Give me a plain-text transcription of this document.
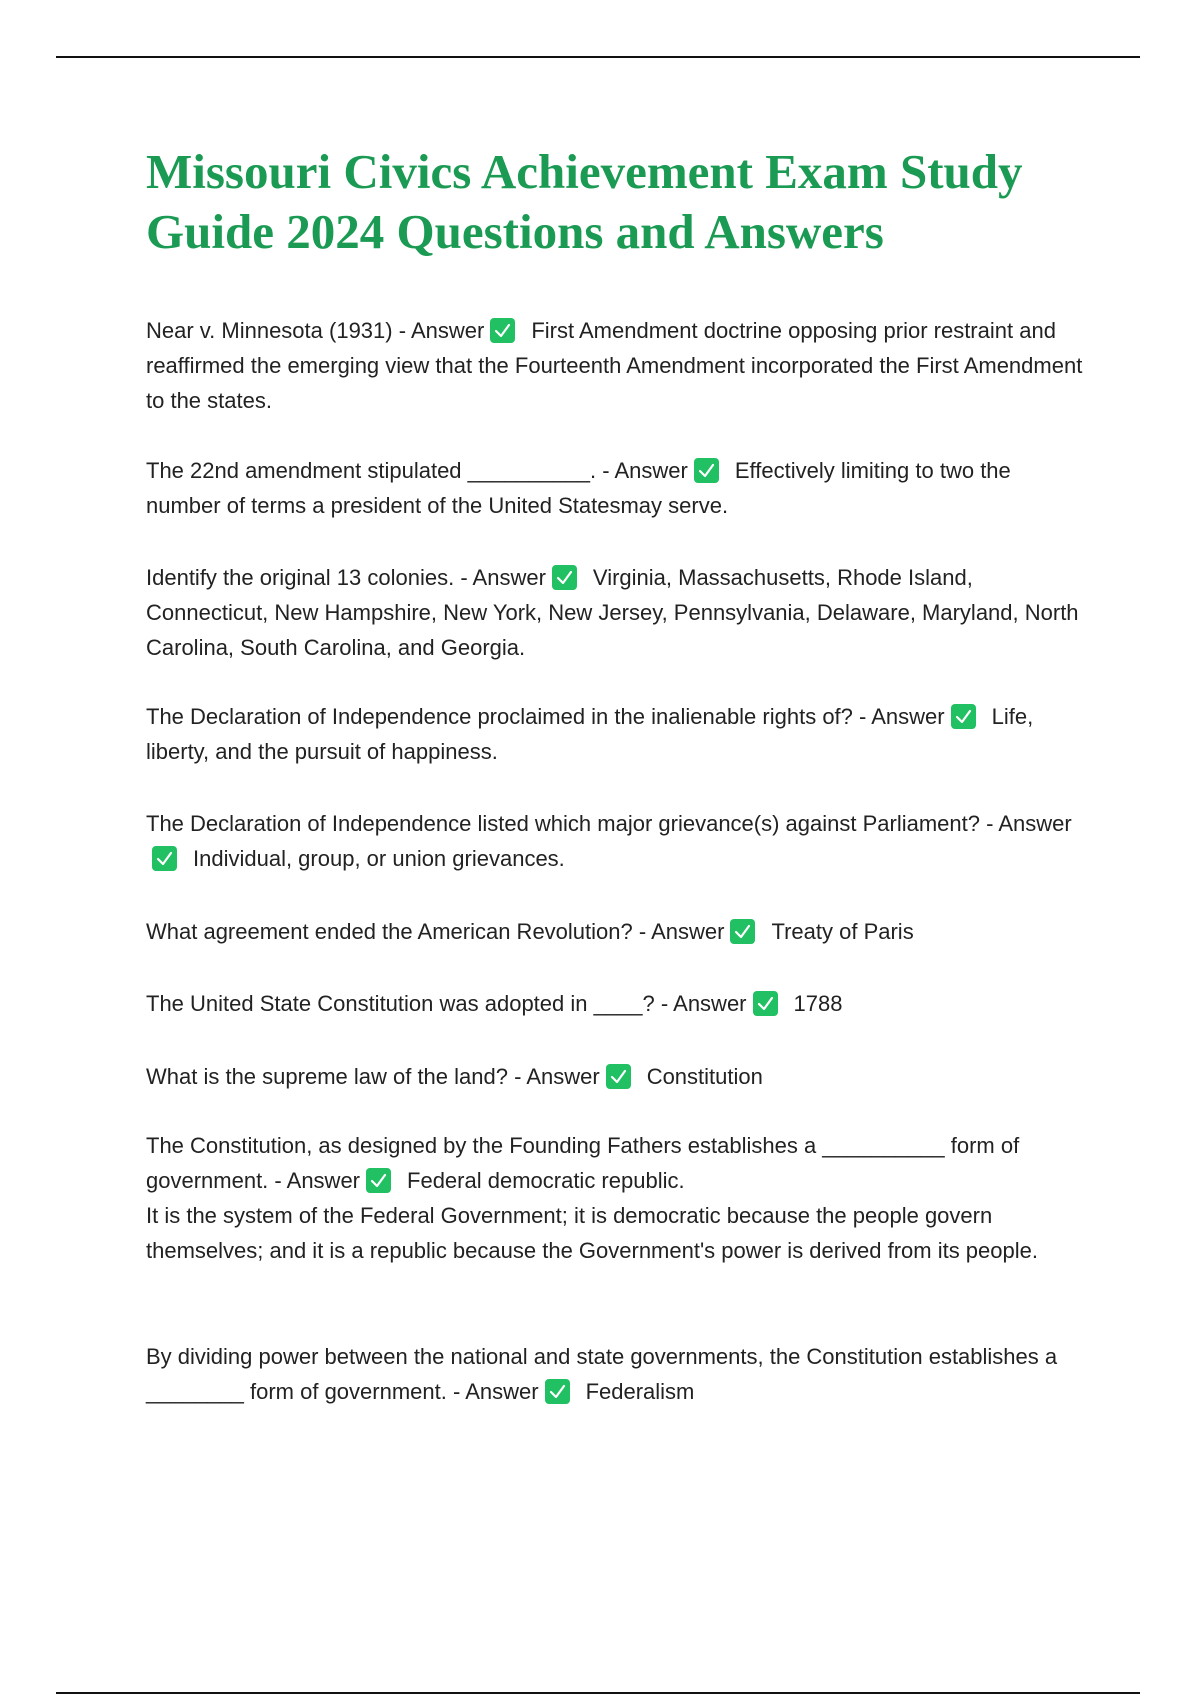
Missouri Civics Achievement Exam Study Guide 2024 Questions and Answers

Near v. Minnesota (1931) - Answer First Amendment doctrine opposing prior restraint and reaffirmed the emerging view that the Fourteenth Amendment incorporated the First Amendment to the states.

The 22nd amendment stipulated __________. - Answer Effectively limiting to two the number of terms a president of the United Statesmay serve.

Identify the original 13 colonies. - Answer Virginia, Massachusetts, Rhode Island, Connecticut, New Hampshire, New York, New Jersey, Pennsylvania, Delaware, Maryland, North Carolina, South Carolina, and Georgia.

The Declaration of Independence proclaimed in the inalienable rights of? - Answer Life, liberty, and the pursuit of happiness.

The Declaration of Independence listed which major grievance(s) against Parliament? - Answer
Individual, group, or union grievances.

What agreement ended the American Revolution? - Answer Treaty of Paris

The United State Constitution was adopted in ____? - Answer 1788

What is the supreme law of the land? - Answer Constitution

The Constitution, as designed by the Founding Fathers establishes a __________ form of government. - Answer Federal democratic republic.
It is the system of the Federal Government; it is democratic because the people govern themselves; and it is a republic because the Government's power is derived from its people.

By dividing power between the national and state governments, the Constitution establishes a ________ form of government. - Answer Federalism
